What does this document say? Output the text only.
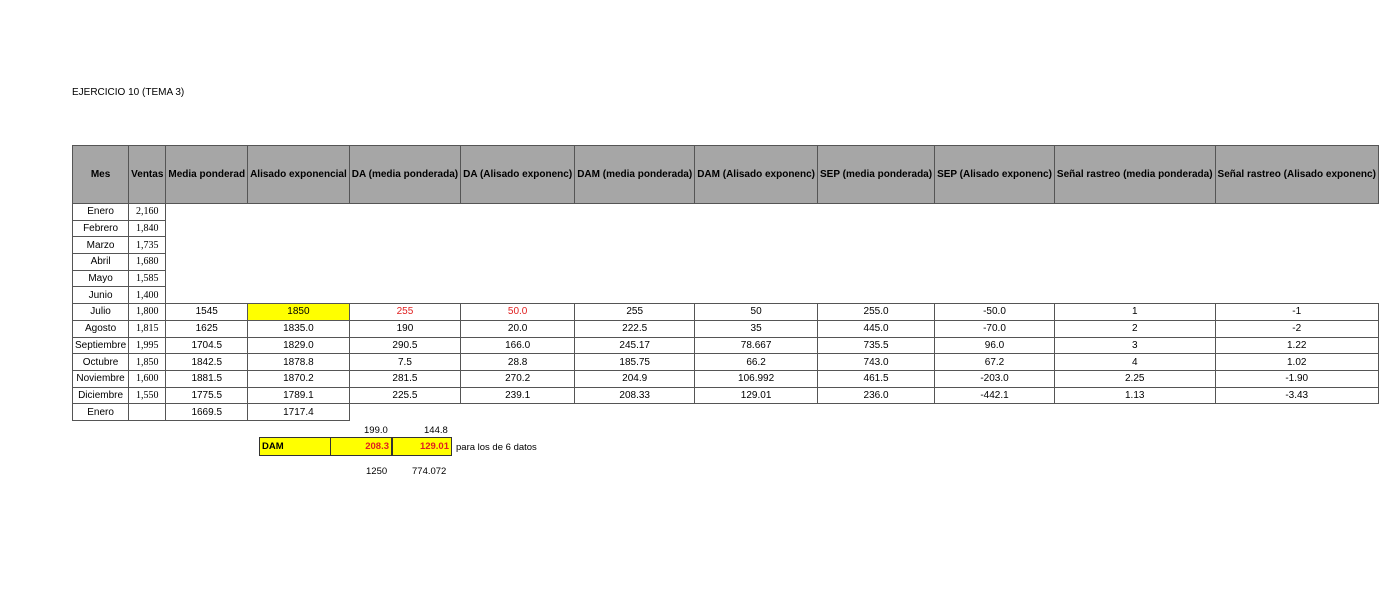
EJERCICIO 10 (TEMA 3)
Mes	Ventas	Media ponderad	Alisado exponencial	DA (media ponderada)	DA (Alisado exponenc)	DAM (media ponderada)	DAM (Alisado exponenc)	SEP (media ponderada)	SEP (Alisado exponenc)	Señal rastreo (media ponderada)	Señal rastreo (Alisado exponenc)
Enero	2,160										
Febrero	1,840										
Marzo	1,735										
Abril	1,680										
Mayo	1,585										
Junio	1,400										
Julio	1,800	1545	1850	255	50.0	255	50	255.0	-50.0	1	-1
Agosto	1,815	1625	1835.0	190	20.0	222.5	35	445.0	-70.0	2	-2
Septiembre	1,995	1704.5	1829.0	290.5	166.0	245.17	78.667	735.5	96.0	3	1.22
Octubre	1,850	1842.5	1878.8	7.5	28.8	185.75	66.2	743.0	67.2	4	1.02
Noviembre	1,600	1881.5	1870.2	281.5	270.2	204.9	106.992	461.5	-203.0	2.25	-1.90
Diciembre	1,550	1775.5	1789.1	225.5	239.1	208.33	129.01	236.0	-442.1	1.13	-3.43
Enero		1669.5	1717.4								
199.0	144.8
DAM	208.3	129.01 para los de 6 datos
1250	774.072
